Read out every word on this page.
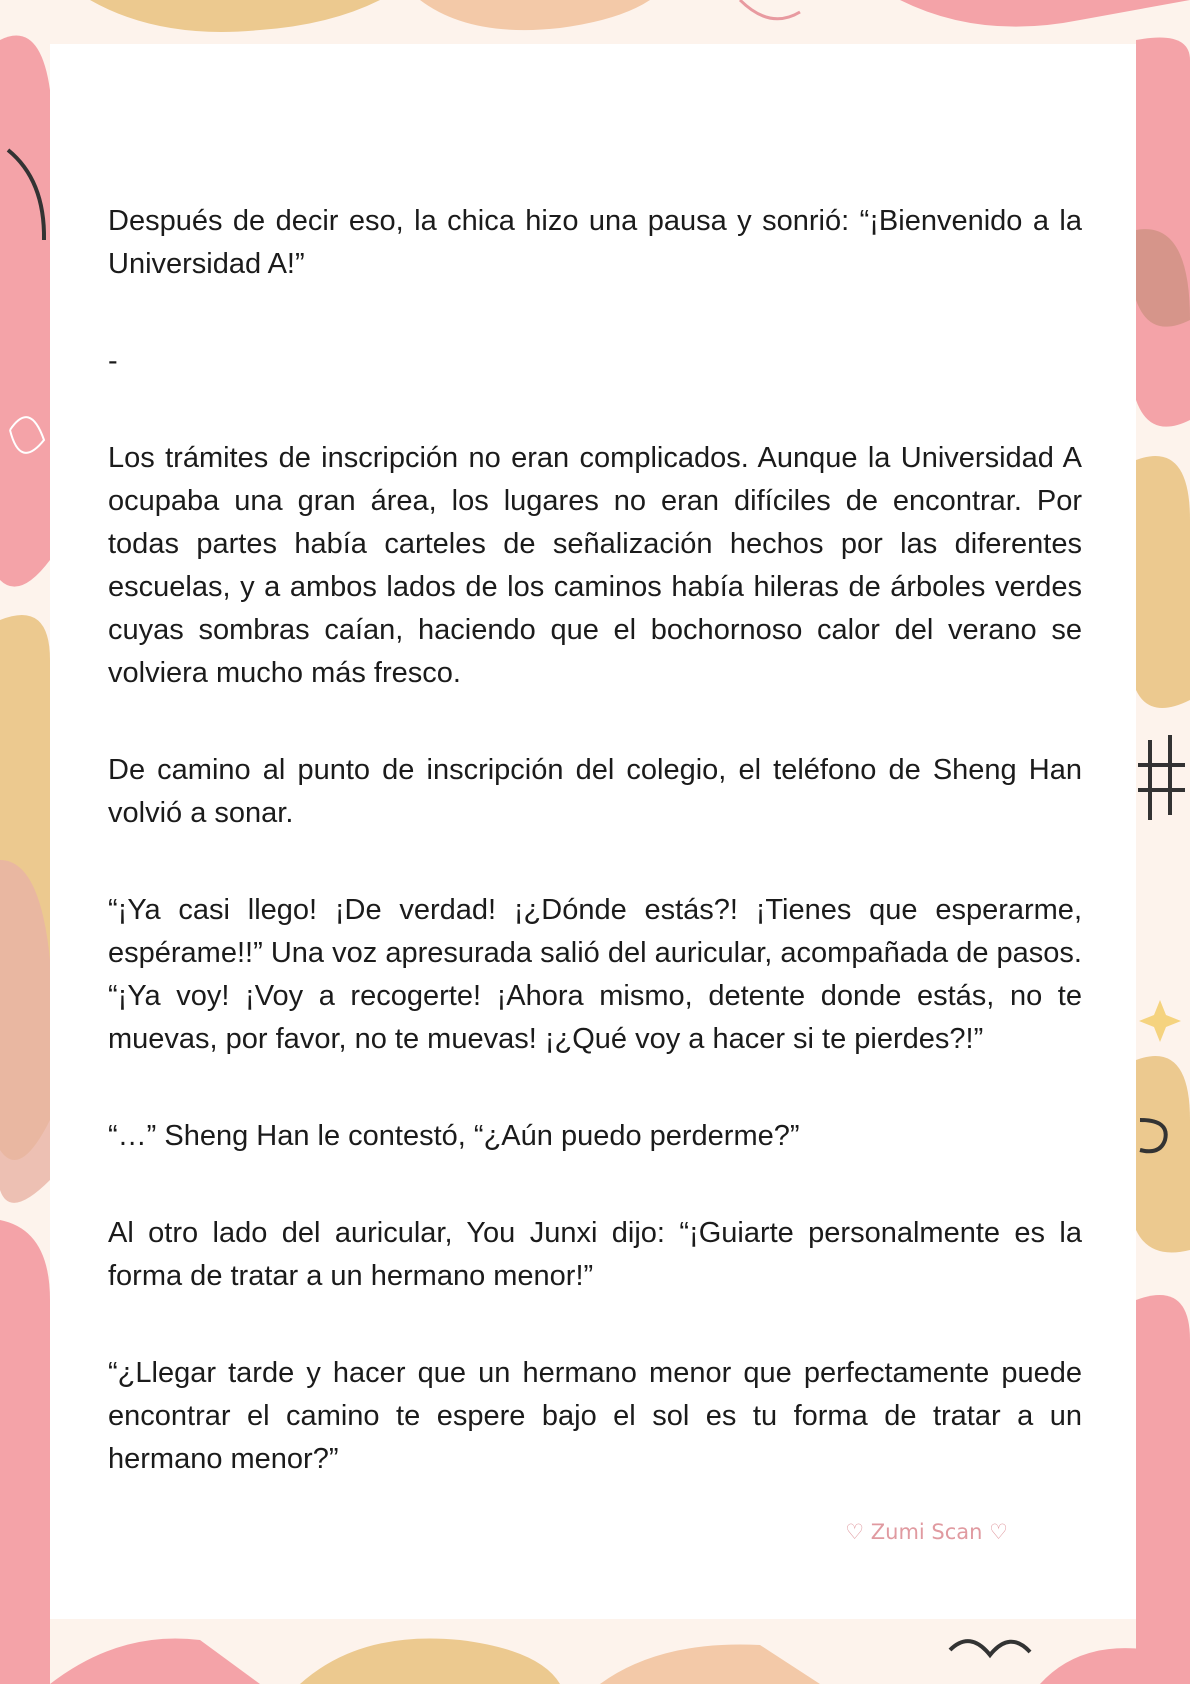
Después de decir eso, la chica hizo una pausa y sonrió: “¡Bienvenido a la Universidad A!”

-

Los trámites de inscripción no eran complicados. Aunque la Universidad A ocupaba una gran área, los lugares no eran difíciles de encontrar. Por todas partes había carteles de señalización hechos por las diferentes escuelas, y a ambos lados de los caminos había hileras de árboles verdes cuyas sombras caían, haciendo que el bochornoso calor del verano se volviera mucho más fresco.

De camino al punto de inscripción del colegio, el teléfono de Sheng Han volvió a sonar.

“¡Ya casi llego! ¡De verdad! ¡¿Dónde estás?! ¡Tienes que esperarme, espérame!!” Una voz apresurada salió del auricular, acompañada de pasos. “¡Ya voy! ¡Voy a recogerte! ¡Ahora mismo, detente donde estás, no te muevas, por favor, no te muevas! ¡¿Qué voy a hacer si te pierdes?!”

“…” Sheng Han le contestó, “¿Aún puedo perderme?”

Al otro lado del auricular, You Junxi dijo: “¡Guiarte personalmente es la forma de tratar a un hermano menor!”

“¿Llegar tarde y hacer que un hermano menor que perfectamente puede encontrar el camino te espere bajo el sol es tu forma de tratar a un hermano menor?”

♡ Zumi Scan ♡
